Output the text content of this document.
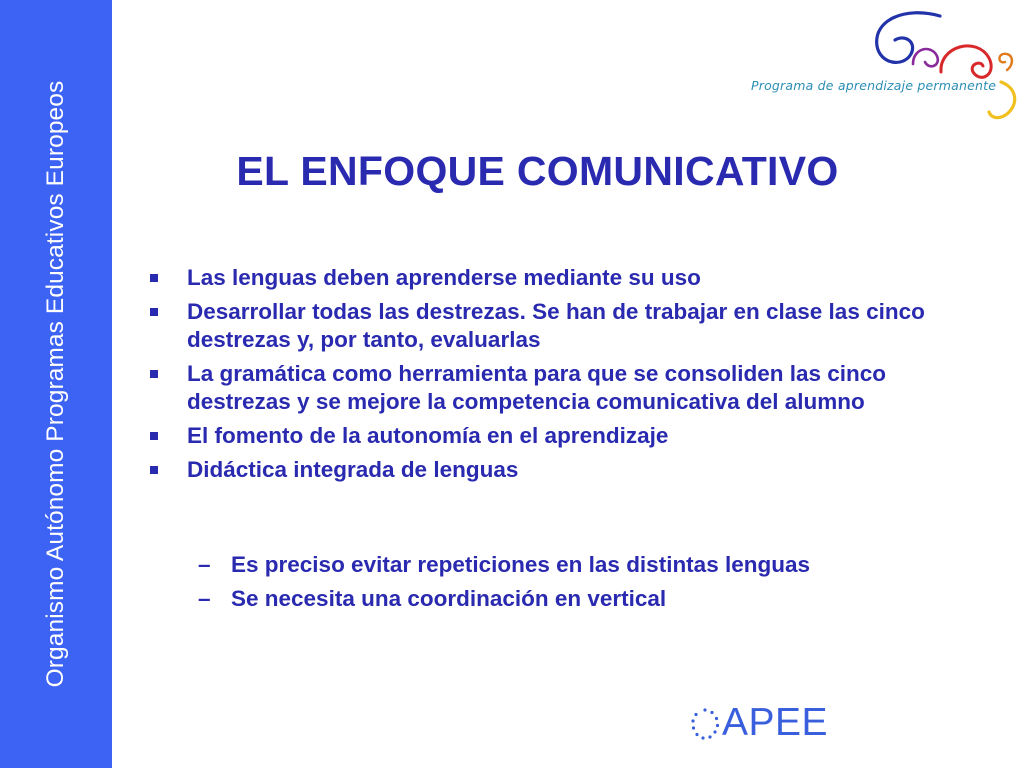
Organismo Autónomo Programas Educativos Europeos	Programa de aprendizaje permanente
EL ENFOQUE COMUNICATIVO
Las lenguas deben aprenderse mediante su uso
Desarrollar todas las destrezas. Se han de trabajar en clase las cinco destrezas y, por tanto, evaluarlas
La gramática como herramienta para que se consoliden las cinco destrezas y se mejore la competencia comunicativa del alumno
El fomento de la autonomía en el aprendizaje
Didáctica integrada de lenguas
– Es preciso evitar repeticiones en las distintas lenguas
– Se necesita una coordinación en vertical
APEE
